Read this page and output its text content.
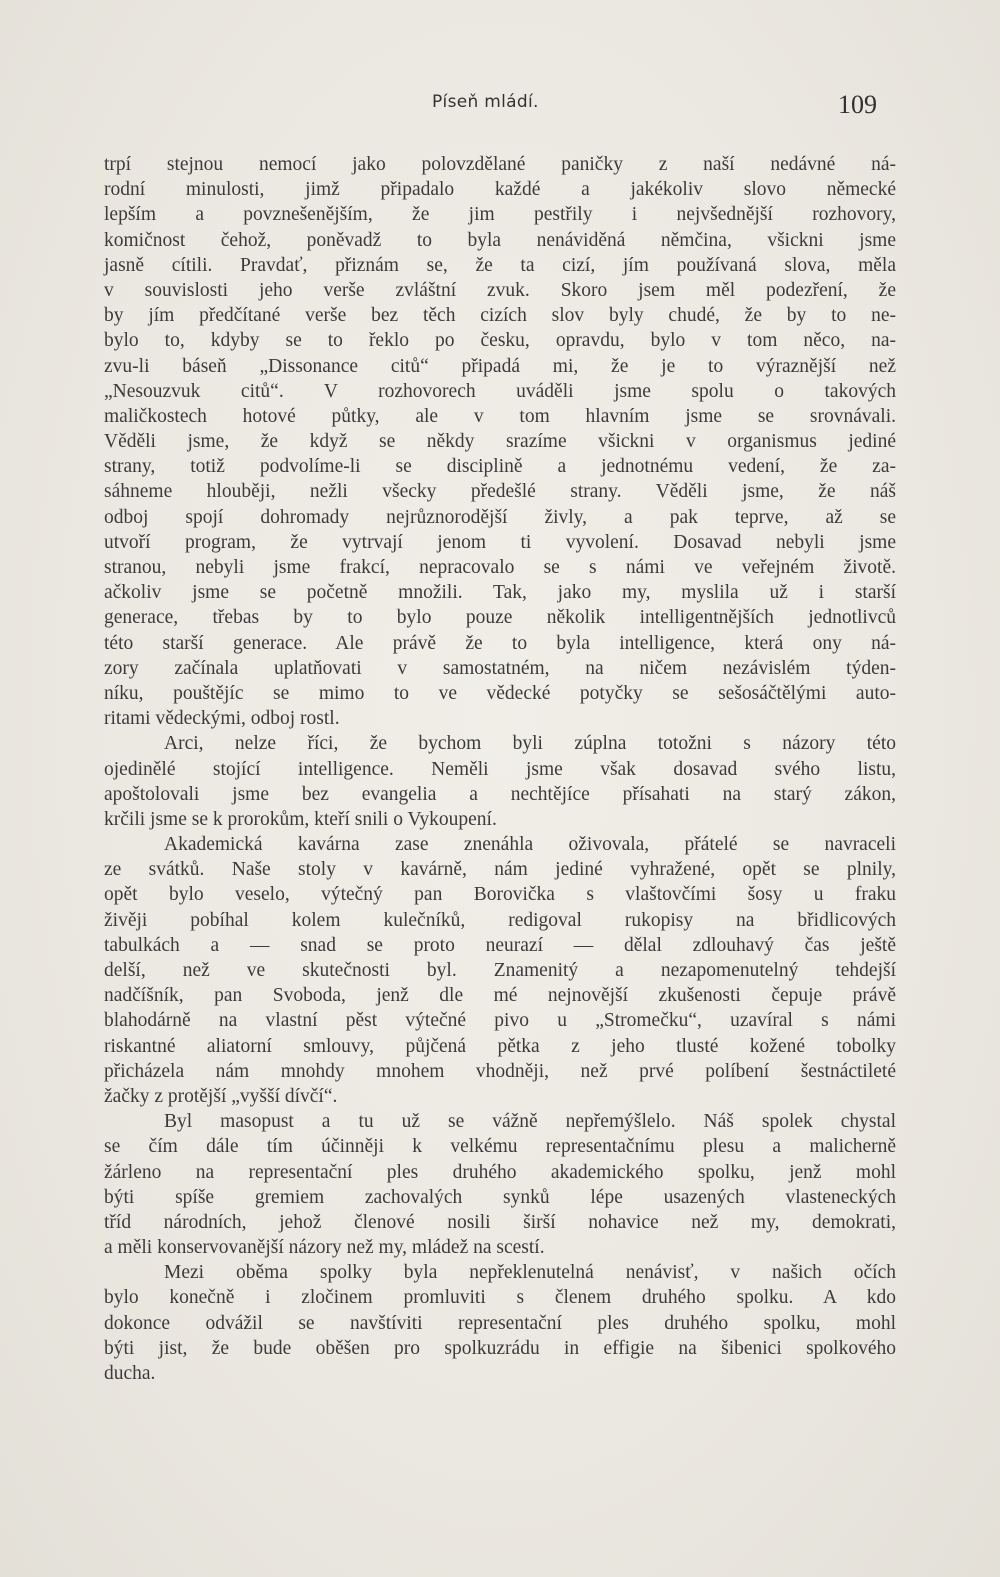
Píseň mládí.	109
trpí stejnou nemocí jako polovzdělané paničky z naší nedávné ná-
rodní minulosti, jimž připadalo každé a jakékoliv slovo německé
lepším a povznešenějším, že jim pestřily i nejvšednější rozhovory,
komičnost čehož, poněvadž to byla nenáviděná němčina, všickni jsme
jasně cítili. Pravdať, přiznám se, že ta cizí, jím používaná slova, měla
v souvislosti jeho verše zvláštní zvuk. Skoro jsem měl podezření, že
by jím předčítané verše bez těch cizích slov byly chudé, že by to ne-
bylo to, kdyby se to řeklo po česku, opravdu, bylo v tom něco, na-
zvu-li báseň „Dissonance citů“ připadá mi, že je to výraznější než
„Nesouzvuk citů“. V rozhovorech uváděli jsme spolu o takových
maličkostech hotové půtky, ale v tom hlavním jsme se srovnávali.
Věděli jsme, že když se někdy srazíme všickni v organismus jediné
strany, totiž podvolíme-li se disciplině a jednotnému vedení, že za-
sáhneme hlouběji, nežli všecky předešlé strany. Věděli jsme, že náš
odboj spojí dohromady nejrůznorodější živly, a pak teprve, až se
utvoří program, že vytrvají jenom ti vyvolení. Dosavad nebyli jsme
stranou, nebyli jsme frakcí, nepracovalo se s námi ve veřejném životě.
ačkoliv jsme se početně množili. Tak, jako my, myslila už i starší
generace, třebas by to bylo pouze několik intelligentnějších jednotlivců
této starší generace. Ale právě že to byla intelligence, která ony ná-
zory začínala uplatňovati v samostatném, na ničem nezávislém týden-
níku, pouštějíc se mimo to ve vědecké potyčky se sešosáčtělými auto-
ritami vědeckými, odboj rostl.
Arci, nelze říci, že bychom byli zúplna totožni s názory této
ojedinělé stojící intelligence. Neměli jsme však dosavad svého listu,
apoštolovali jsme bez evangelia a nechtějíce přísahati na starý zákon,
krčili jsme se k prorokům, kteří snili o Vykoupení.
Akademická kavárna zase znenáhla oživovala, přátelé se navraceli
ze svátků. Naše stoly v kavárně, nám jediné vyhražené, opět se plnily,
opět bylo veselo, výtečný pan Borovička s vlaštovčími šosy u fraku
živěji pobíhal kolem kulečníků, redigoval rukopisy na břidlicových
tabulkách a — snad se proto neurazí — dělal zdlouhavý čas ještě
delší, než ve skutečnosti byl. Znamenitý a nezapomenutelný tehdejší
nadčíšník, pan Svoboda, jenž dle mé nejnovější zkušenosti čepuje právě
blahodárně na vlastní pěst výtečné pivo u „Stromečku“, uzavíral s námi
riskantné aliatorní smlouvy, půjčená pětka z jeho tlusté kožené tobolky
přicházela nám mnohdy mnohem vhodněji, než prvé políbení šestnáctileté
žačky z protější „vyšší dívčí“.
Byl masopust a tu už se vážně nepřemýšlelo. Náš spolek chystal
se čím dále tím účinněji k velkému representačnímu plesu a malicherně
žárleno na representační ples druhého akademického spolku, jenž mohl
býti spíše gremiem zachovalých synků lépe usazených vlasteneckých
tříd národních, jehož členové nosili širší nohavice než my, demokrati,
a měli konservovanější názory než my, mládež na scestí.
Mezi oběma spolky byla nepřeklenutelná nenávisť, v našich očích
bylo konečně i zločinem promluviti s členem druhého spolku. A kdo
dokonce odvážil se navštíviti representační ples druhého spolku, mohl
býti jist, že bude oběšen pro spolkuzrádu in effigie na šibenici spolkového
ducha.
